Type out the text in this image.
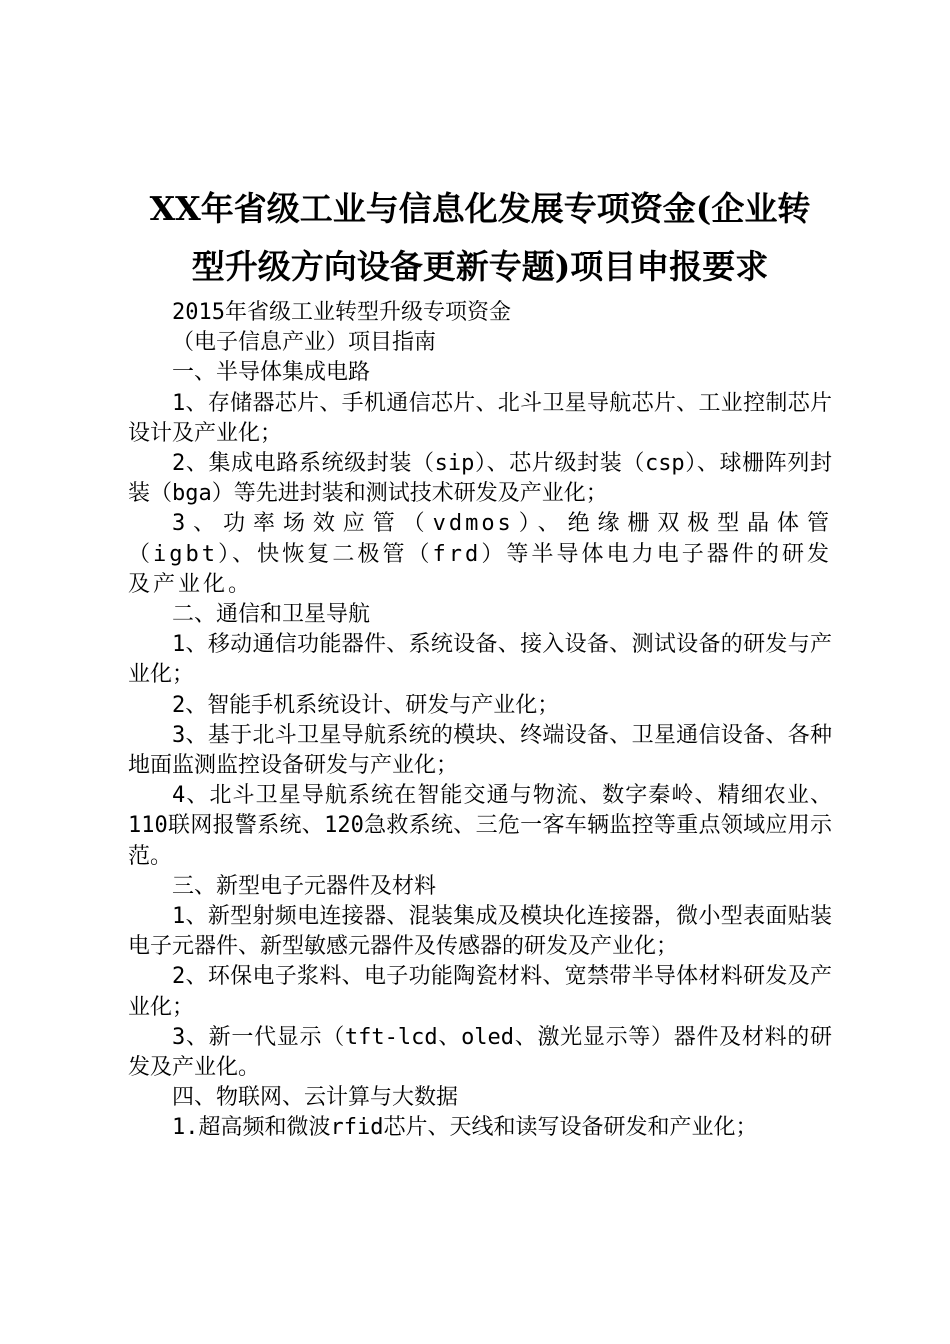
XX年省级工业与信息化发展专项资金(企业转
型升级方向设备更新专题)项目申报要求

2015年省级工业转型升级专项资金

（电子信息产业）项目指南

一、半导体集成电路

1、存储器芯片、手机通信芯片、北斗卫星导航芯片、工业控制芯片设计及产业化；

2、集成电路系统级封装（sip）、芯片级封装（csp）、球栅阵列封装（bga）等先进封装和测试技术研发及产业化；

3、功率场效应管（vdmos）、绝缘栅双极型晶体管（igbt）、快恢复二极管（frd）等半导体电力电子器件的研发及产业化。

二、通信和卫星导航

1、移动通信功能器件、系统设备、接入设备、测试设备的研发与产业化；

2、智能手机系统设计、研发与产业化；

3、基于北斗卫星导航系统的模块、终端设备、卫星通信设备、各种地面监测监控设备研发与产业化；

4、北斗卫星导航系统在智能交通与物流、数字秦岭、精细农业、110联网报警系统、120急救系统、三危一客车辆监控等重点领域应用示范。

三、新型电子元器件及材料

1、新型射频电连接器、混装集成及模块化连接器，微小型表面贴装电子元器件、新型敏感元器件及传感器的研发及产业化；

2、环保电子浆料、电子功能陶瓷材料、宽禁带半导体材料研发及产业化；

3、新一代显示（tft-lcd、oled、激光显示等）器件及材料的研发及产业化。

四、物联网、云计算与大数据

1.超高频和微波rfid芯片、天线和读写设备研发和产业化；
